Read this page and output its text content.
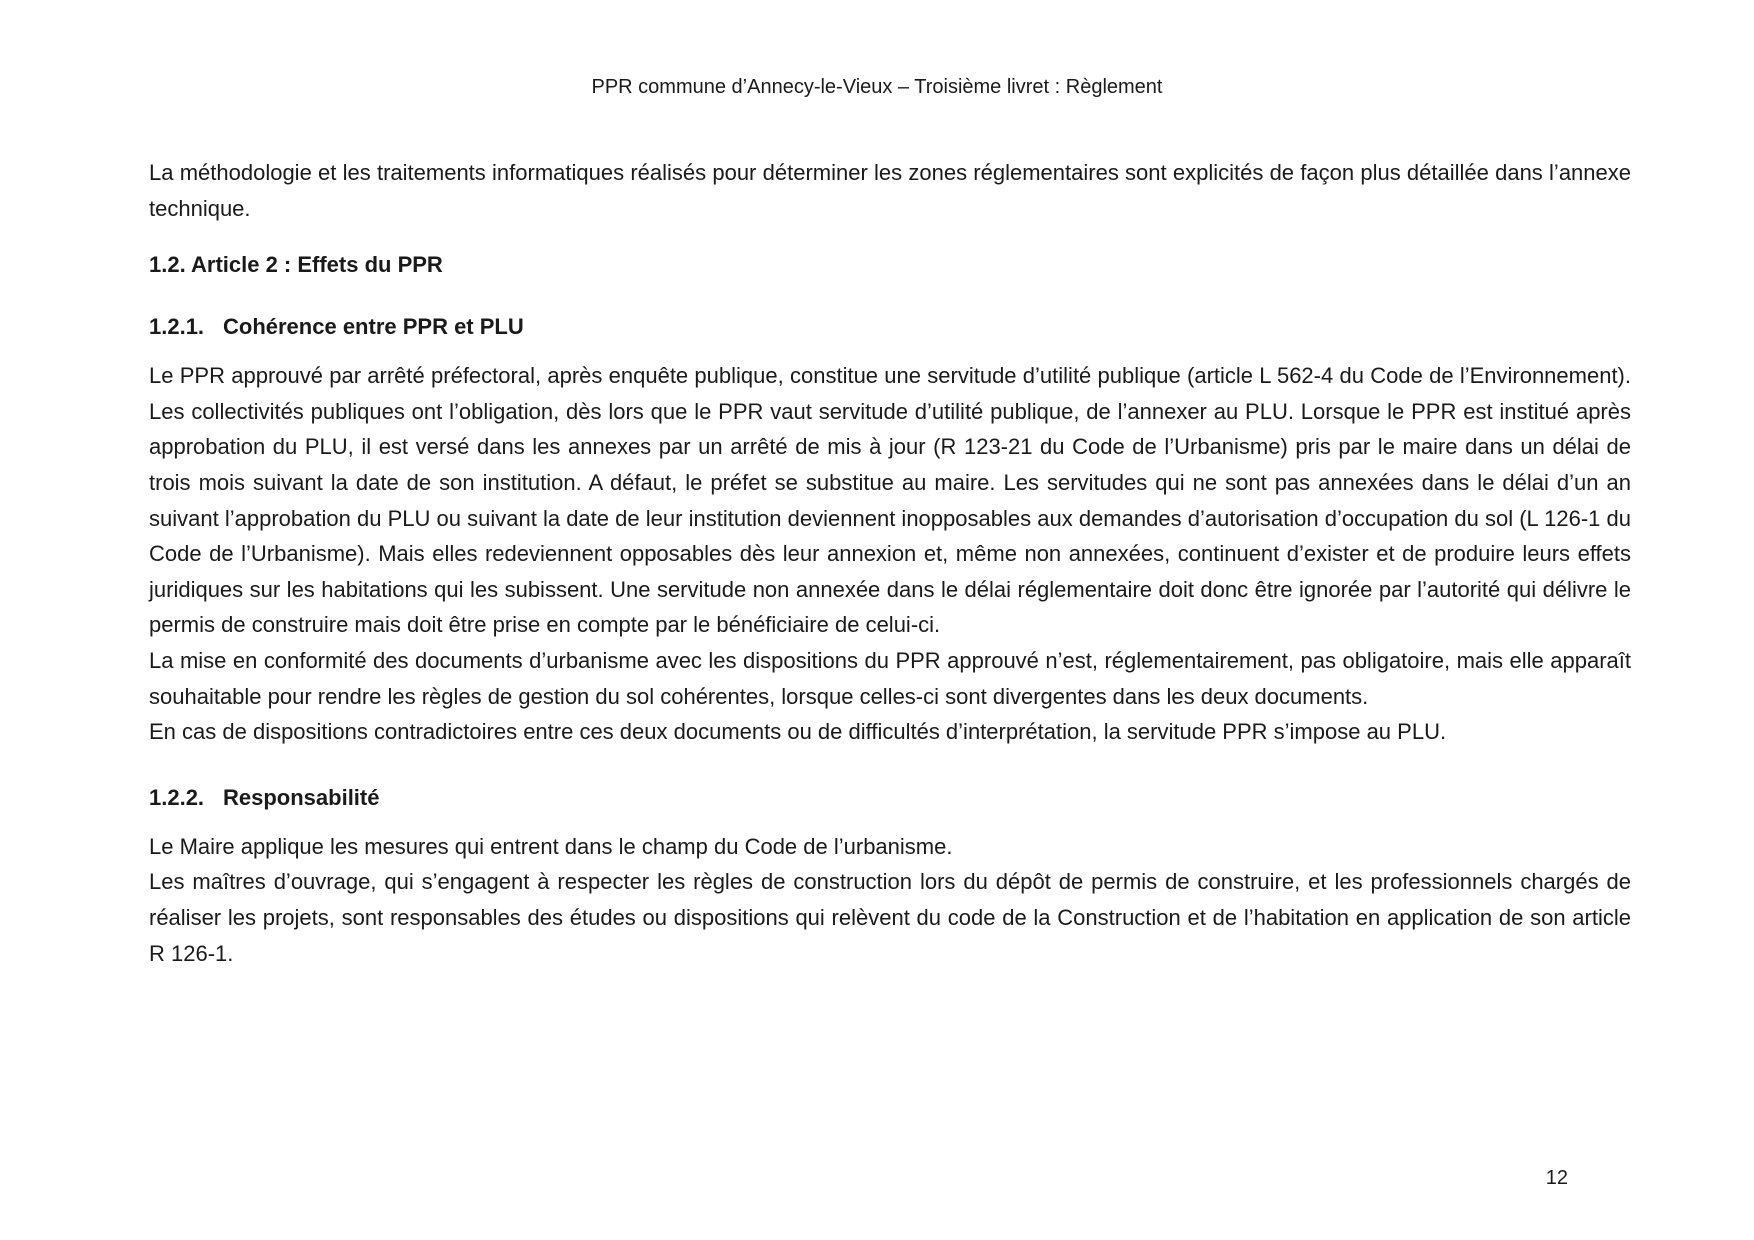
PPR commune d’Annecy-le-Vieux – Troisième livret : Règlement

La méthodologie et les traitements informatiques réalisés pour déterminer les zones réglementaires sont explicités de façon plus détaillée dans l’annexe technique.

1.2. Article 2 : Effets du PPR
1.2.1. Cohérence entre PPR et PLU

Le PPR approuvé par arrêté préfectoral, après enquête publique, constitue une servitude d’utilité publique (article L 562-4 du Code de l’Environnement). Les collectivités publiques ont l’obligation, dès lors que le PPR vaut servitude d’utilité publique, de l’annexer au PLU. Lorsque le PPR est institué après approbation du PLU, il est versé dans les annexes par un arrêté de mis à jour (R 123-21 du Code de l’Urbanisme) pris par le maire dans un délai de trois mois suivant la date de son institution. A défaut, le préfet se substitue au maire. Les servitudes qui ne sont pas annexées dans le délai d’un an suivant l’approbation du PLU ou suivant la date de leur institution deviennent inopposables aux demandes d’autorisation d’occupation du sol (L 126-1 du Code de l’Urbanisme). Mais elles redeviennent opposables dès leur annexion et, même non annexées, continuent d’exister et de produire leurs effets juridiques sur les habitations qui les subissent. Une servitude non annexée dans le délai réglementaire doit donc être ignorée par l’autorité qui délivre le permis de construire mais doit être prise en compte par le bénéficiaire de celui-ci.

La mise en conformité des documents d’urbanisme avec les dispositions du PPR approuvé n’est, réglementairement, pas obligatoire, mais elle apparaît souhaitable pour rendre les règles de gestion du sol cohérentes, lorsque celles-ci sont divergentes dans les deux documents.

En cas de dispositions contradictoires entre ces deux documents ou de difficultés d’interprétation, la servitude PPR s’impose au PLU.

1.2.2. Responsabilité

Le Maire applique les mesures qui entrent dans le champ du Code de l’urbanisme.

Les maîtres d’ouvrage, qui s’engagent à respecter les règles de construction lors du dépôt de permis de construire, et les professionnels chargés de réaliser les projets, sont responsables des études ou dispositions qui relèvent du code de la Construction et de l’habitation en application de son article R 126-1.

12
